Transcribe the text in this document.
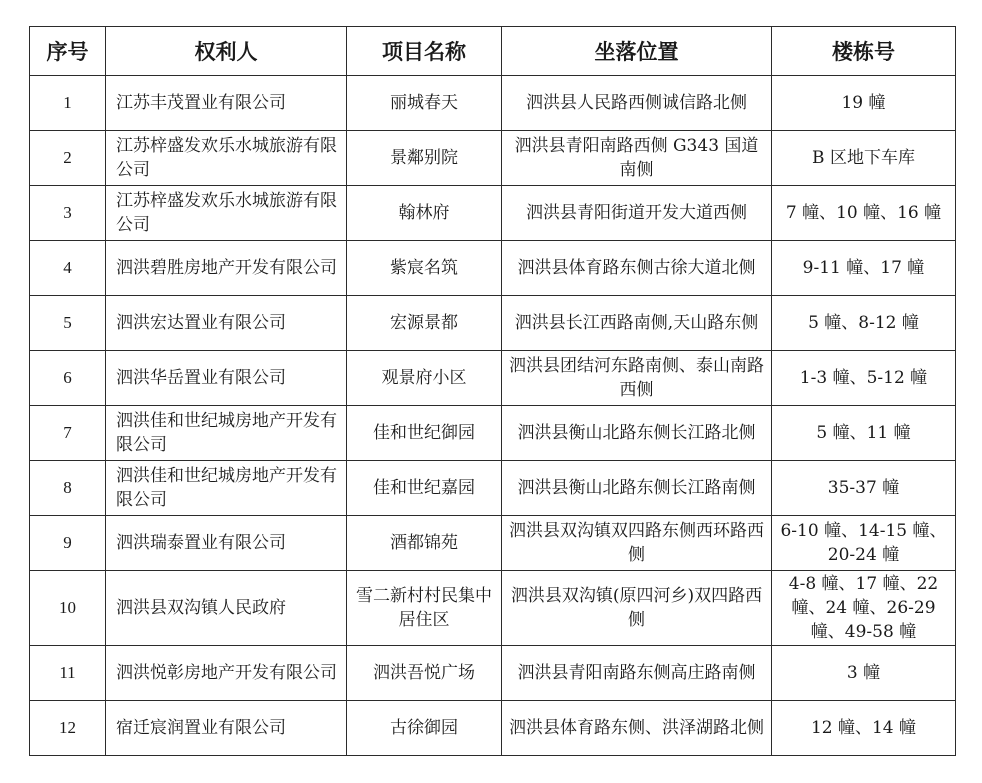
序号	权利人	项目名称	坐落位置	楼栋号
1	江苏丰茂置业有限公司	丽城春天	泗洪县人民路西侧诚信路北侧	19 幢
2	江苏梓盛发欢乐水城旅游有限公司	景鄰别院	泗洪县青阳南路西侧 G343 国道南侧	B 区地下车库
3	江苏梓盛发欢乐水城旅游有限公司	翰林府	泗洪县青阳街道开发大道西侧	7 幢、10 幢、16 幢
4	泗洪碧胜房地产开发有限公司	紫宸名筑	泗洪县体育路东侧古徐大道北侧	9-11 幢、17 幢
5	泗洪宏达置业有限公司	宏源景都	泗洪县长江西路南侧,天山路东侧	5 幢、8-12 幢
6	泗洪华岳置业有限公司	观景府小区	泗洪县团结河东路南侧、泰山南路西侧	1-3 幢、5-12 幢
7	泗洪佳和世纪城房地产开发有限公司	佳和世纪御园	泗洪县衡山北路东侧长江路北侧	5 幢、11 幢
8	泗洪佳和世纪城房地产开发有限公司	佳和世纪嘉园	泗洪县衡山北路东侧长江路南侧	35-37 幢
9	泗洪瑞泰置业有限公司	酒都锦苑	泗洪县双沟镇双四路东侧西环路西侧	6-10 幢、14-15 幢、20-24 幢
10	泗洪县双沟镇人民政府	雪二新村村民集中居住区	泗洪县双沟镇(原四河乡)双四路西侧	4-8 幢、17 幢、22 幢、24 幢、26-29 幢、49-58 幢
11	泗洪悦彰房地产开发有限公司	泗洪吾悦广场	泗洪县青阳南路东侧高庄路南侧	3 幢
12	宿迁宸润置业有限公司	古徐御园	泗洪县体育路东侧、洪泽湖路北侧	12 幢、14 幢
